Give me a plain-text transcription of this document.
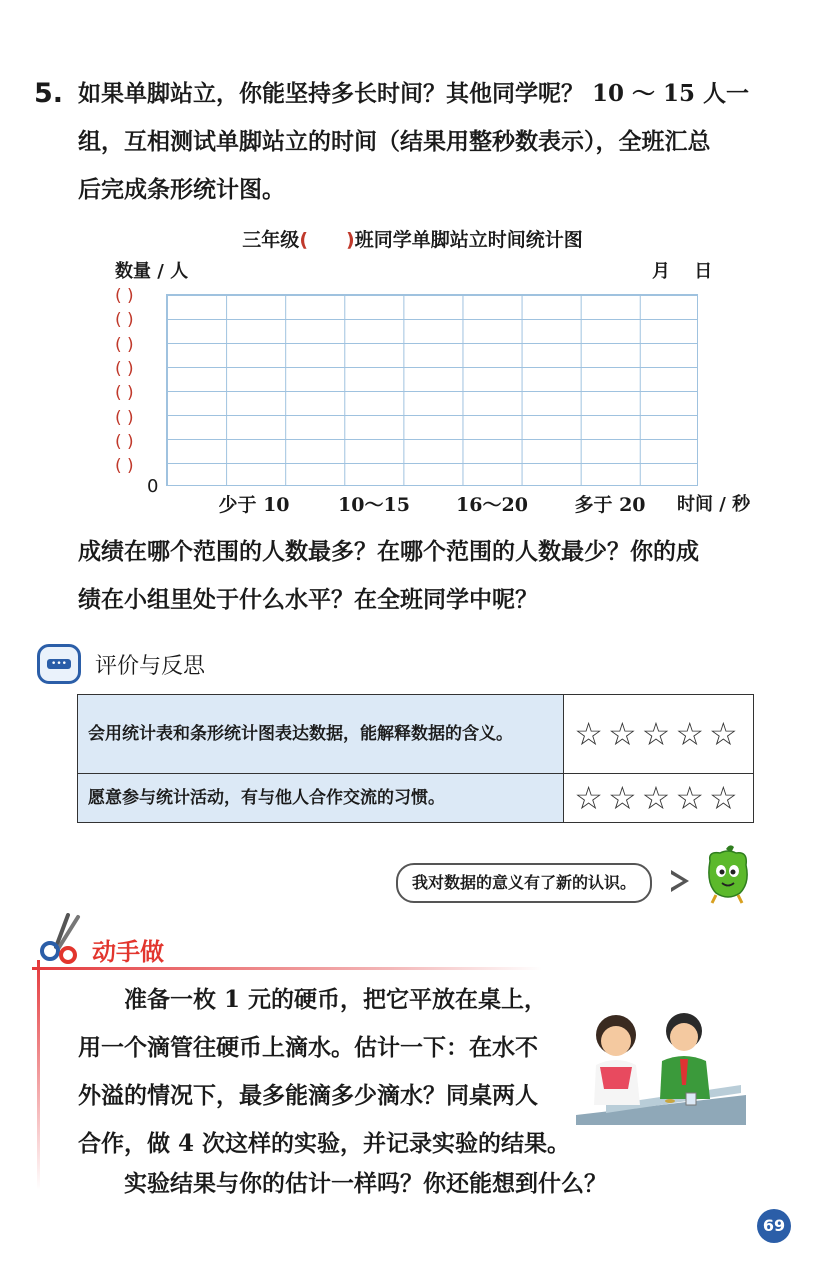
5. 如果单脚站立，你能坚持多长时间？其他同学呢？ 10 ～ 15 人一
组，互相测试单脚站立的时间（结果用整秒数表示），全班汇总
后完成条形统计图。
三年级( )班同学单脚站立时间统计图
数量 / 人	月 日
( )
( )
( )
( )
( )
( )
( )
( )
0
少于 10	10～15 16～20 多于 20 时间 / 秒
成绩在哪个范围的人数最多？在哪个范围的人数最少？你的成
绩在小组里处于什么水平？在全班同学中呢？
••• 评价与反思
会用统计表和条形统计图表达数据，能解释数据的含义。	☆☆☆☆☆
愿意参与统计活动，有与他人合作交流的习惯。	☆☆☆☆☆
我对数据的意义有了新的认识。
动手做
准备一枚 1 元的硬币，把它平放在桌上，
用一个滴管往硬币上滴水。估计一下：在水不
外溢的情况下，最多能滴多少滴水？同桌两人
合作，做 4 次这样的实验，并记录实验的结果。
实验结果与你的估计一样吗？你还能想到什么？
69
